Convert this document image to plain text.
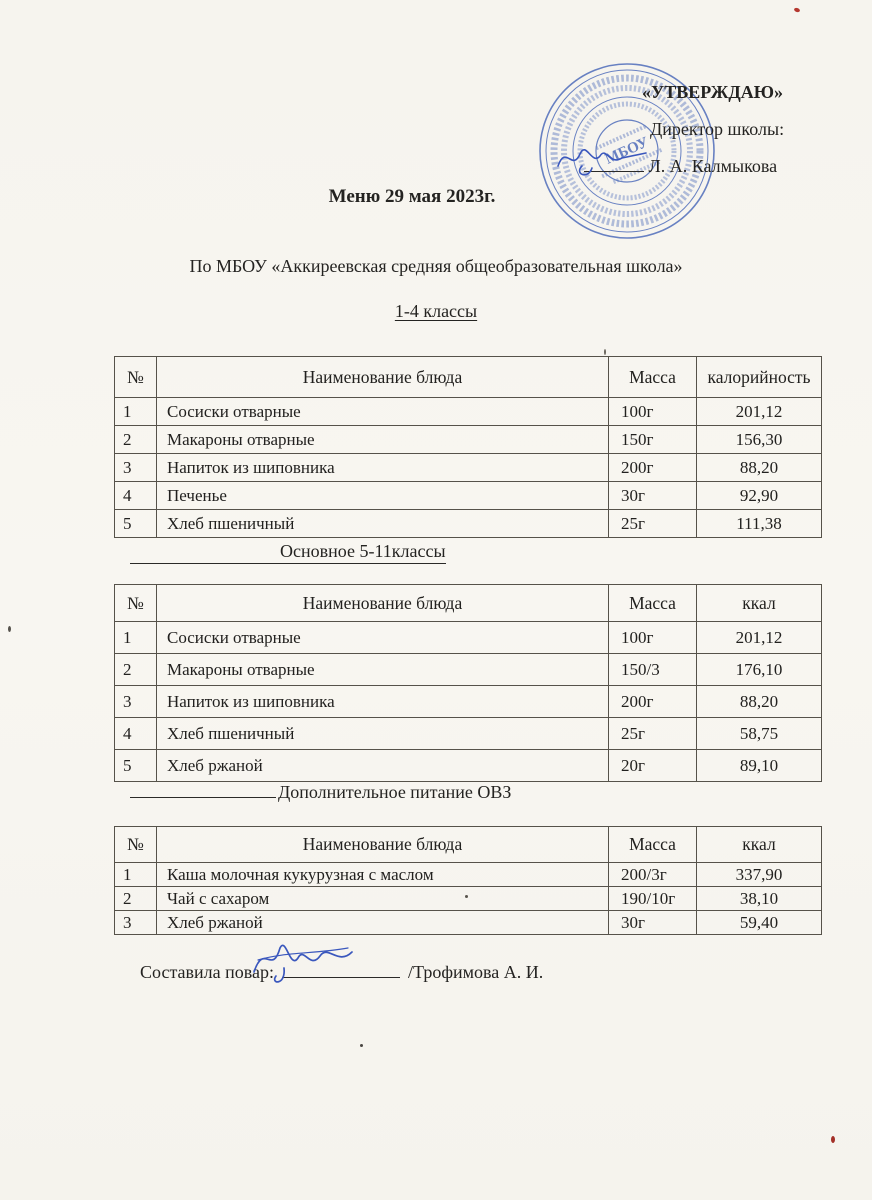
МБОУ
«УТВЕРЖДАЮ»
Директор школы:
Л. А. Калмыкова
Меню 29 мая 2023г.
По МБОУ «Аккиреевская средняя общеобразовательная школа»
1-4 классы
№	Наименование блюда	Масса	калорийность
1	Сосиски отварные	100г	201,12
2	Макароны отварные	150г	156,30
3	Напиток из шиповника	200г	88,20
4	Печенье	30г	92,90
5	Хлеб пшеничный	25г	111,38
Основное 5-11классы
№	Наименование блюда	Масса	ккал
1	Сосиски отварные	100г	201,12
2	Макароны отварные	150/3	176,10
3	Напиток из шиповника	200г	88,20
4	Хлеб пшеничный	25г	58,75
5	Хлеб ржаной	20г	89,10
Дополнительное питание ОВЗ
№	Наименование блюда	Масса	ккал
1	Каша молочная кукурузная с маслом	200/3г	337,90
2	Чай с сахаром	190/10г	38,10
3	Хлеб ржаной	30г	59,40
Составила повар:	/Трофимова А. И.
